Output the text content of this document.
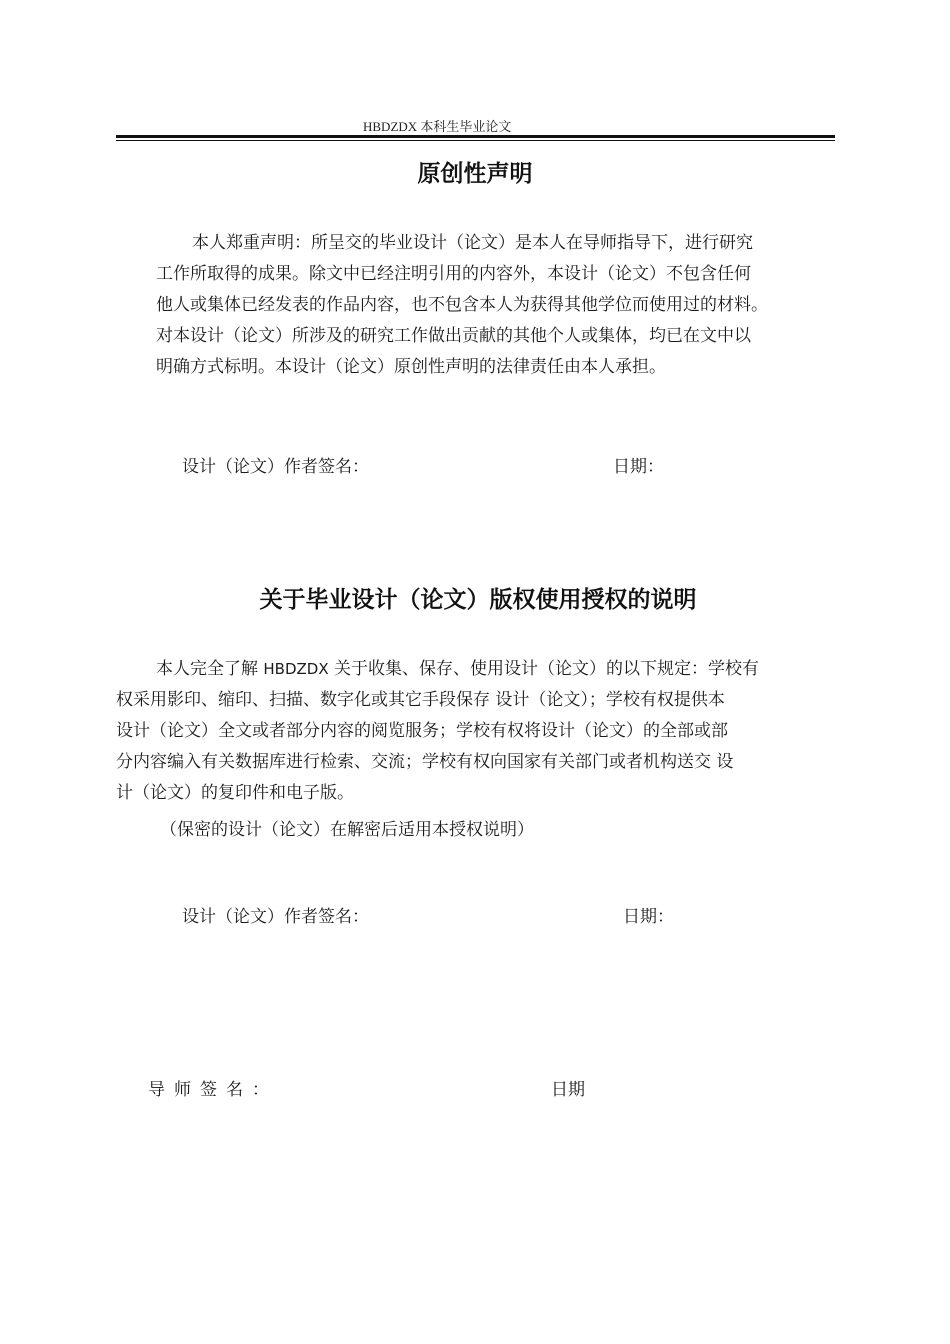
HBDZDX 本科生毕业论文
原创性声明
本人郑重声明：所呈交的毕业设计（论文）是本人在导师指导下，进行研究
工作所取得的成果。除文中已经注明引用的内容外，本设计（论文）不包含任何
他人或集体已经发表的作品内容，也不包含本人为获得其他学位而使用过的材料。
对本设计（论文）所涉及的研究工作做出贡献的其他个人或集体，均已在文中以
明确方式标明。本设计（论文）原创性声明的法律责任由本人承担。
设计（论文）作者签名：	日期：
关于毕业设计（论文）版权使用授权的说明
本人完全了解 HBDZDX 关于收集、保存、使用设计（论文）的以下规定：学校有
权采用影印、缩印、扫描、数字化或其它手段保存 设计（论文）；学校有权提供本
设计（论文）全文或者部分内容的阅览服务；学校有权将设计（论文）的全部或部
分内容编入有关数据库进行检索、交流；学校有权向国家有关部门或者机构送交 设
计（论文）的复印件和电子版。
（保密的设计（论文）在解密后适用本授权说明）
设计（论文）作者签名：	日期：
导师签名：	日期
